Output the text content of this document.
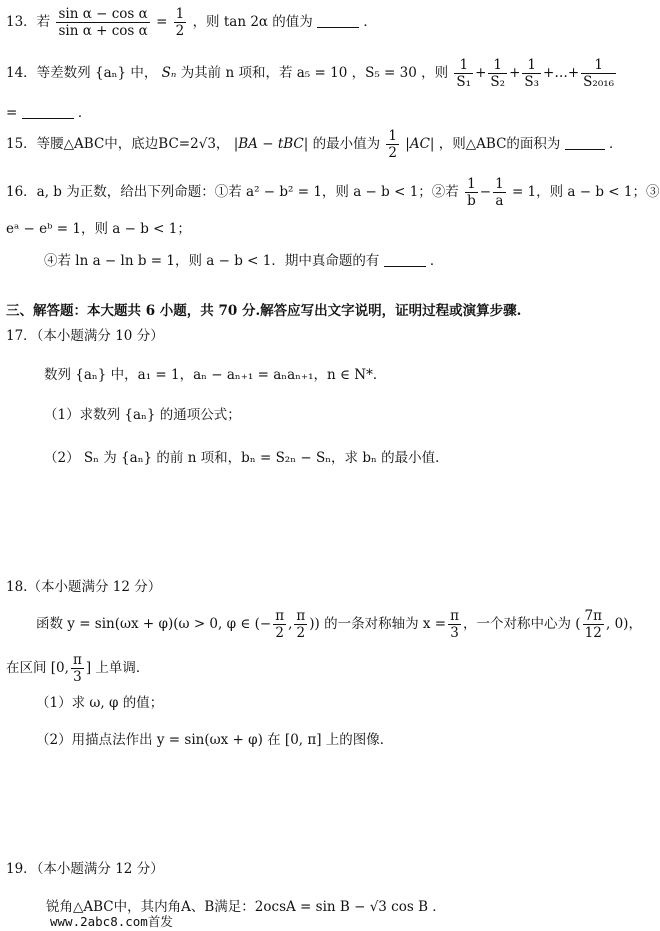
13．若 $\frac{\text{sin α − cos α}}{\text{sin α + cos α}} = \frac{1}{2}$ ，则 tan 2α 的值为	．
14．等差数列 {aₙ} 中， Sₙ 为其前 n 项和，若 a₅ = 10 ，S₅ = 30 ，则 $\frac{1}{\text{S₁}} + \frac{1}{\text{S₂}} + \frac{1}{\text{S₃}}$ +…+ $\frac{1}{\text{S₂₀₁₆}}$
=	．
15．等腰△ABC中，底边BC=2√3， |BA − tBC| 的最小值为 $\frac{1}{2} |AC|$ ，则△ABC的面积为	．
16．a, b 为正数，给出下列命题：①若 a² − b² = 1，则 a − b < 1；②若 $\frac{1}{b} - \frac{1}{a} = 1$，则 a − b < 1；③
eᵃ − eᵇ = 1，则 a − b < 1；
④若 ln a − ln b = 1，则 a − b < 1．期中真命题的有	．
三、解答题：本大题共 6 小题，共 70 分.解答应写出文字说明，证明过程或演算步骤.
17．（本小题满分 10 分）
数列 {aₙ} 中，a₁ = 1，aₙ − aₙ₊₁ = aₙaₙ₊₁，n ∈ N*．
（1）求数列 {aₙ} 的通项公式；
（2） Sₙ 为 {aₙ} 的前 n 项和，bₙ = S₂ₙ − Sₙ，求 bₙ 的最小值．
18.（本小题满分 12 分）
函数 y = sin(ωx + φ)(ω > 0, φ ∈ (− $\frac{\pi}{2}$ , $\frac{\pi}{2}$ )) 的一条对称轴为 $x = \frac{\pi}{3}$ ，一个对称中心为 ( $\frac{7\pi}{12}$ , 0)，
在区间 [0, $\frac{\pi}{3}$ ] 上单调．
（1）求 ω, φ 的值；
（2）用描点法作出 y = sin(ωx + φ) 在 [0, π] 上的图像．
19．（本小题满分 12 分）
锐角△ABC中，其内角A、B满足：2ocsA = sin B − √3 cos B ．
www.2abc8.com首发
